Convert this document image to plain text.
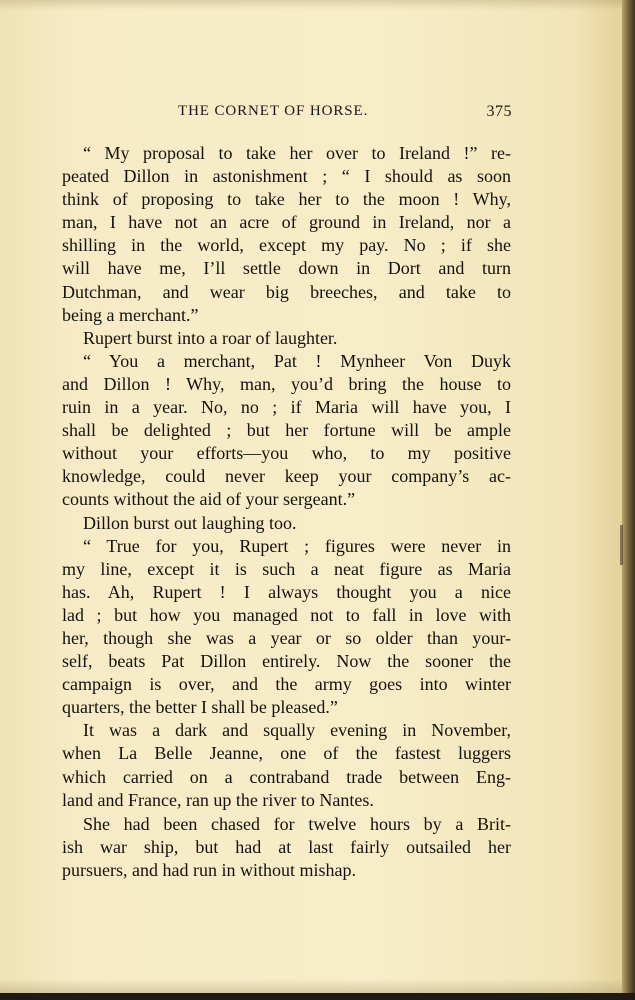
THE CORNET OF HORSE.	375
“ My proposal to take her over to Ireland !” re-
peated Dillon in astonishment ; “ I should as soon
think of proposing to take her to the moon ! Why,
man, I have not an acre of ground in Ireland, nor a
shilling in the world, except my pay. No ; if she
will have me, I’ll settle down in Dort and turn
Dutchman, and wear big breeches, and take to
being a merchant.”
Rupert burst into a roar of laughter.
“ You a merchant, Pat ! Mynheer Von Duyk
and Dillon ! Why, man, you’d bring the house to
ruin in a year. No, no ; if Maria will have you, I
shall be delighted ; but her fortune will be ample
without your efforts—you who, to my positive
knowledge, could never keep your company’s ac-
counts without the aid of your sergeant.”
Dillon burst out laughing too.
“ True for you, Rupert ; figures were never in
my line, except it is such a neat figure as Maria
has. Ah, Rupert ! I always thought you a nice
lad ; but how you managed not to fall in love with
her, though she was a year or so older than your-
self, beats Pat Dillon entirely. Now the sooner the
campaign is over, and the army goes into winter
quarters, the better I shall be pleased.”
It was a dark and squally evening in November,
when La Belle Jeanne, one of the fastest luggers
which carried on a contraband trade between Eng-
land and France, ran up the river to Nantes.
She had been chased for twelve hours by a Brit-
ish war ship, but had at last fairly outsailed her
pursuers, and had run in without mishap.
